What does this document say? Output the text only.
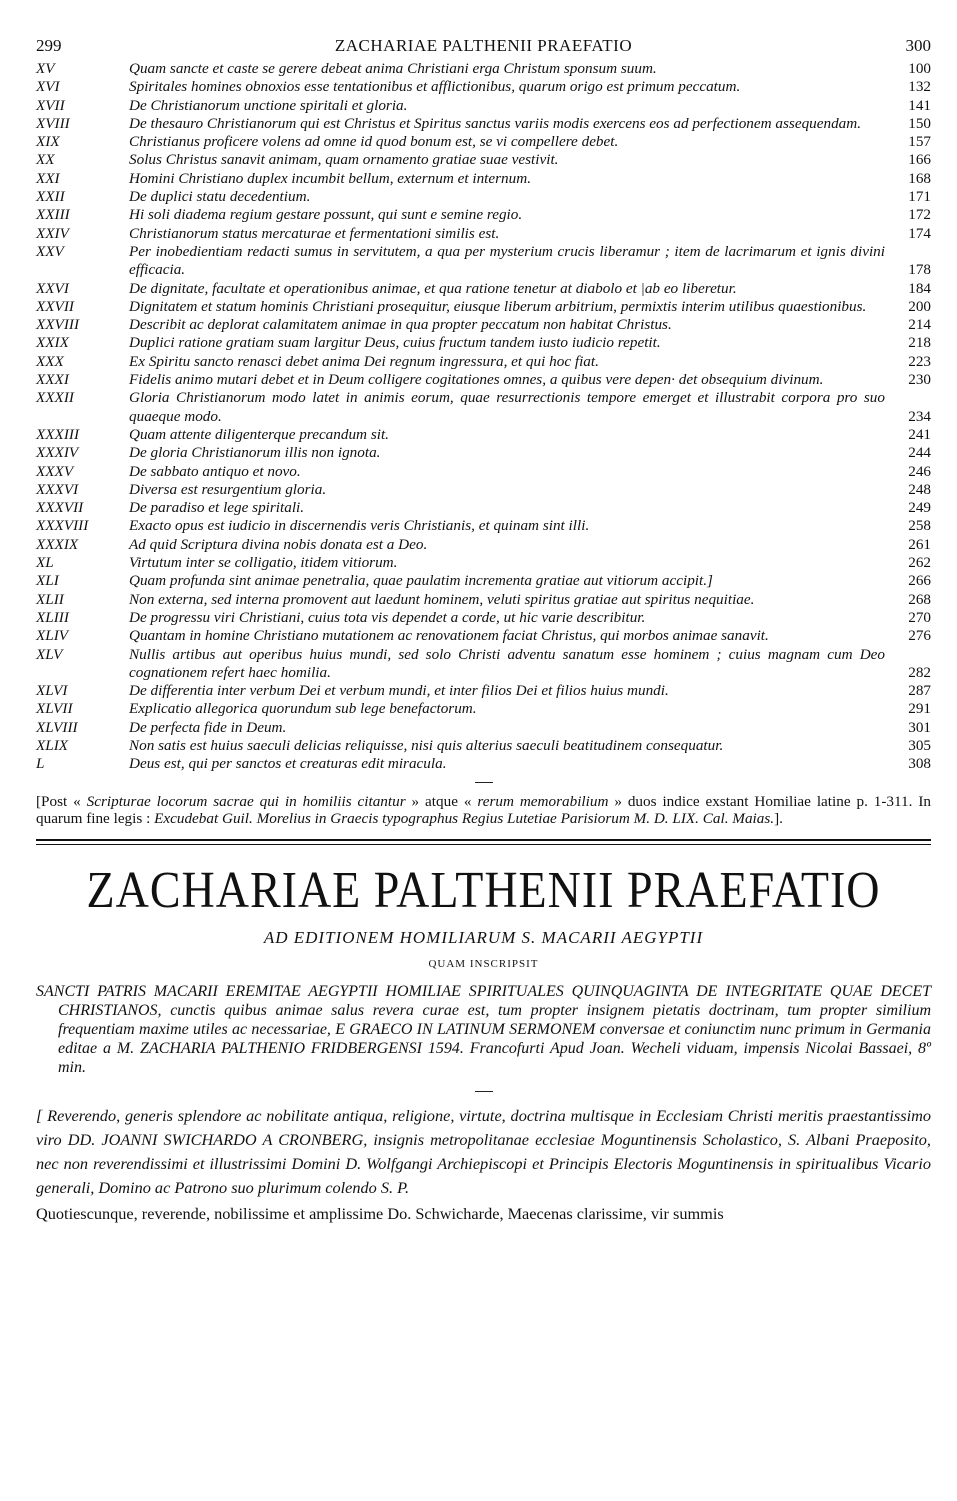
299	ZACHARIAE PALTHENII PRAEFATIO	300
XV	Quam sancte et caste se gerere debeat anima Christiani erga Christum sponsum suum.	100
XVI	Spiritales homines obnoxios esse tentationibus et afflictionibus, quarum origo est primum peccatum.	132
XVII	De Christianorum unctione spiritali et gloria.	141
XVIII	De thesauro Christianorum qui est Christus et Spiritus sanctus variis modis exercens eos ad perfectionem assequendam.	150
XIX	Christianus proficere volens ad omne id quod bonum est, se vi compellere debet.	157
XX	Solus Christus sanavit animam, quam ornamento gratiae suae vestivit.	166
XXI	Homini Christiano duplex incumbit bellum, externum et internum.	168
XXII	De duplici statu decedentium.	171
XXIII	Hi soli diadema regium gestare possunt, qui sunt e semine regio.	172
XXIV	Christianorum status mercaturae et fermentationi similis est.	174
XXV	Per inobedientiam redacti sumus in servitutem, a qua per mysterium crucis liberamur ; item de lacrimarum et ignis divini efficacia.	178
XXVI	De dignitate, facultate et operationibus animae, et qua ratione tenetur at diabolo et |ab eo liberetur.	184
XXVII	Dignitatem et statum hominis Christiani prosequitur, eiusque liberum arbitrium, permixtis interim utilibus quaestionibus.	200
XXVIII	Describit ac deplorat calamitatem animae in qua propter peccatum non habitat Christus.	214
XXIX	Duplici ratione gratiam suam largitur Deus, cuius fructum tandem iusto iudicio repetit.	218
XXX	Ex Spiritu sancto renasci debet anima Dei regnum ingressura, et qui hoc fiat.	223
XXXI	Fidelis animo mutari debet et in Deum colligere cogitationes omnes, a quibus vere depen· det obsequium divinum.	230
XXXII	Gloria Christianorum modo latet in animis eorum, quae resurrectionis tempore emerget et illustrabit corpora pro suo quaeque modo.	234
XXXIII	Quam attente diligenterque precandum sit.	241
XXXIV	De gloria Christianorum illis non ignota.	244
XXXV	De sabbato antiquo et novo.	246
XXXVI	Diversa est resurgentium gloria.	248
XXXVII	De paradiso et lege spiritali.	249
XXXVIII	Exacto opus est iudicio in discernendis veris Christianis, et quinam sint illi.	258
XXXIX	Ad quid Scriptura divina nobis donata est a Deo.	261
XL	Virtutum inter se colligatio, itidem vitiorum.	262
XLI	Quam profunda sint animae penetralia, quae paulatim incrementa gratiae aut vitiorum accipit.]	266
XLII	Non externa, sed interna promovent aut laedunt hominem, veluti spiritus gratiae aut spiritus nequitiae.	268
XLIII	De progressu viri Christiani, cuius tota vis dependet a corde, ut hic varie describitur.	270
XLIV	Quantam in homine Christiano mutationem ac renovationem faciat Christus, qui morbos animae sanavit.	276
XLV	Nullis artibus aut operibus huius mundi, sed solo Christi adventu sanatum esse hominem ; cuius magnam cum Deo cognationem refert haec homilia.	282
XLVI	De differentia inter verbum Dei et verbum mundi, et inter filios Dei et filios huius mundi.	287
XLVII	Explicatio allegorica quorundum sub lege benefactorum.	291
XLVIII	De perfecta fide in Deum.	301
XLIX	Non satis est huius saeculi delicias reliquisse, nisi quis alterius saeculi beatitudinem consequatur.	305
L	Deus est, qui per sanctos et creaturas edit miracula.	308
[Post « Scripturae locorum sacrae qui in homiliis citantur » atque « rerum memorabilium » duos indice exstant Homiliae latine p. 1-311. In quarum fine legis : Excudebat Guil. Morelius in Graecis typographus Regius Lutetiae Parisiorum M. D. LIX. Cal. Maias.].
ZACHARIAE PALTHENII PRAEFATIO
AD EDITIONEM HOMILIARUM S. MACARII AEGYPTII
QUAM INSCRIPSIT
SANCTI PATRIS MACARII EREMITAE AEGYPTII HOMILIAE SPIRITUALES QUINQUAGINTA DE INTEGRITATE QUAE DECET CHRISTIANOS, cunctis quibus animae salus revera curae est, tum propter insignem pietatis doctrinam, tum propter similium frequentiam maxime utiles ac necessariae, E GRAECO IN LATINUM SERMONEM conversae et coniunctim nunc primum in Germania editae a M. ZACHARIA PALTHENIO FRIDBERGENSI 1594. Francofurti Apud Joan. Wecheli viduam, impensis Nicolai Bassaei, 8º min.
[ Reverendo, generis splendore ac nobilitate antiqua, religione, virtute, doctrina multisque in Ecclesiam Christi meritis praestantissimo viro DD. JOANNI SWICHARDO A CRONBERG, insignis metropolitanae ecclesiae Moguntinensis Scholastico, S. Albani Praeposito, nec non reverendissimi et illustrissimi Domini D. Wolfgangi Archiepiscopi et Principis Electoris Moguntinensis in spiritualibus Vicario generali, Domino ac Patrono suo plurimum colendo S. P.
Quotiescunque, reverende, nobilissime et amplissime Do. Schwicharde, Maecenas clarissime, vir summis
